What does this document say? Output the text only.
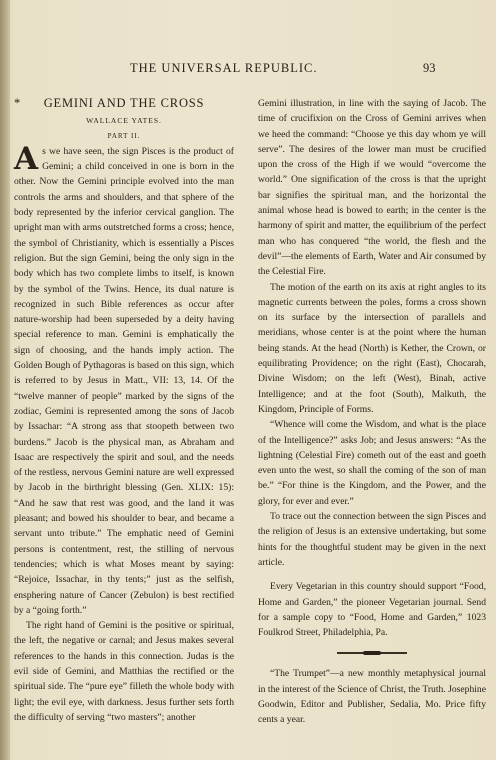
THE UNIVERSAL REPUBLIC.	93
* GEMINI AND THE CROSS

WALLACE YATES.

PART II.

As we have seen, the sign Pisces is the product of Gemini; a child conceived in one is born in the other. Now the Gemini principle evolved into the man controls the arms and shoulders, and that sphere of the body represented by the inferior cervical ganglion. The upright man with arms outstretched forms a cross; hence, the symbol of Christianity, which is essentially a Pisces religion. But the sign Gemini, being the only sign in the body which has two complete limbs to itself, is known by the symbol of the Twins. Hence, its dual nature is recognized in such Bible references as occur after nature-worship had been superseded by a deity having special reference to man. Gemini is emphatically the sign of choosing, and the hands imply action. The Golden Bough of Pythagoras is based on this sign, which is referred to by Jesus in Matt., VII: 13, 14. Of the “twelve manner of people” marked by the signs of the zodiac, Gemini is represented among the sons of Jacob by Issachar: “A strong ass that stoopeth between two burdens.” Jacob is the physical man, as Abraham and Isaac are respectively the spirit and soul, and the needs of the restless, nervous Gemini nature are well expressed by Jacob in the birthright blessing (Gen. XLIX: 15): “And he saw that rest was good, and the land it was pleasant; and bowed his shoulder to bear, and became a servant unto tribute.” The emphatic need of Gemini persons is contentment, rest, the stilling of nervous tendencies; which is what Moses meant by saying: “Rejoice, Issachar, in thy tents;” just as the selfish, ensphering nature of Cancer (Zebulon) is best rectified by a “going forth.”

The right hand of Gemini is the positive or spiritual, the left, the negative or carnal; and Jesus makes several references to the hands in this connection. Judas is the evil side of Gemini, and Matthias the rectified or the spiritual side. The “pure eye” filleth the whole body with light; the evil eye, with darkness. Jesus further sets forth the difficulty of serving “two masters”; another

Gemini illustration, in line with the saying of Jacob. The time of crucifixion on the Cross of Gemini arrives when we heed the command: “Choose ye this day whom ye will serve”. The desires of the lower man must be crucified upon the cross of the High if we would “overcome the world.” One signification of the cross is that the upright bar signifies the spiritual man, and the horizontal the animal whose head is bowed to earth; in the center is the harmony of spirit and matter, the equilibrium of the perfect man who has conquered “the world, the flesh and the devil”—the elements of Earth, Water and Air consumed by the Celestial Fire.

The motion of the earth on its axis at right angles to its magnetic currents between the poles, forms a cross shown on its surface by the intersection of parallels and meridians, whose center is at the point where the human being stands. At the head (North) is Kether, the Crown, or equilibrating Providence; on the right (East), Chocarah, Divine Wisdom; on the left (West), Binah, active Intelligence; and at the foot (South), Malkuth, the Kingdom, Principle of Forms.

“Whence will come the Wisdom, and what is the place of the Intelligence?” asks Job; and Jesus answers: “As the lightning (Celestial Fire) cometh out of the east and goeth even unto the west, so shall the coming of the son of man be.” “For thine is the Kingdom, and the Power, and the glory, for ever and ever.”

To trace out the connection between the sign Pisces and the religion of Jesus is an extensive undertaking, but some hints for the thoughtful student may be given in the next article.

Every Vegetarian in this country should support “Food, Home and Garden,” the pioneer Vegetarian journal. Send for a sample copy to “Food, Home and Garden,” 1023 Foulkrod Street, Philadelphia, Pa.

“The Trumpet”—a new monthly metaphysical journal in the interest of the Science of Christ, the Truth. Josephine Goodwin, Editor and Publisher, Sedalia, Mo. Price fifty cents a year.
